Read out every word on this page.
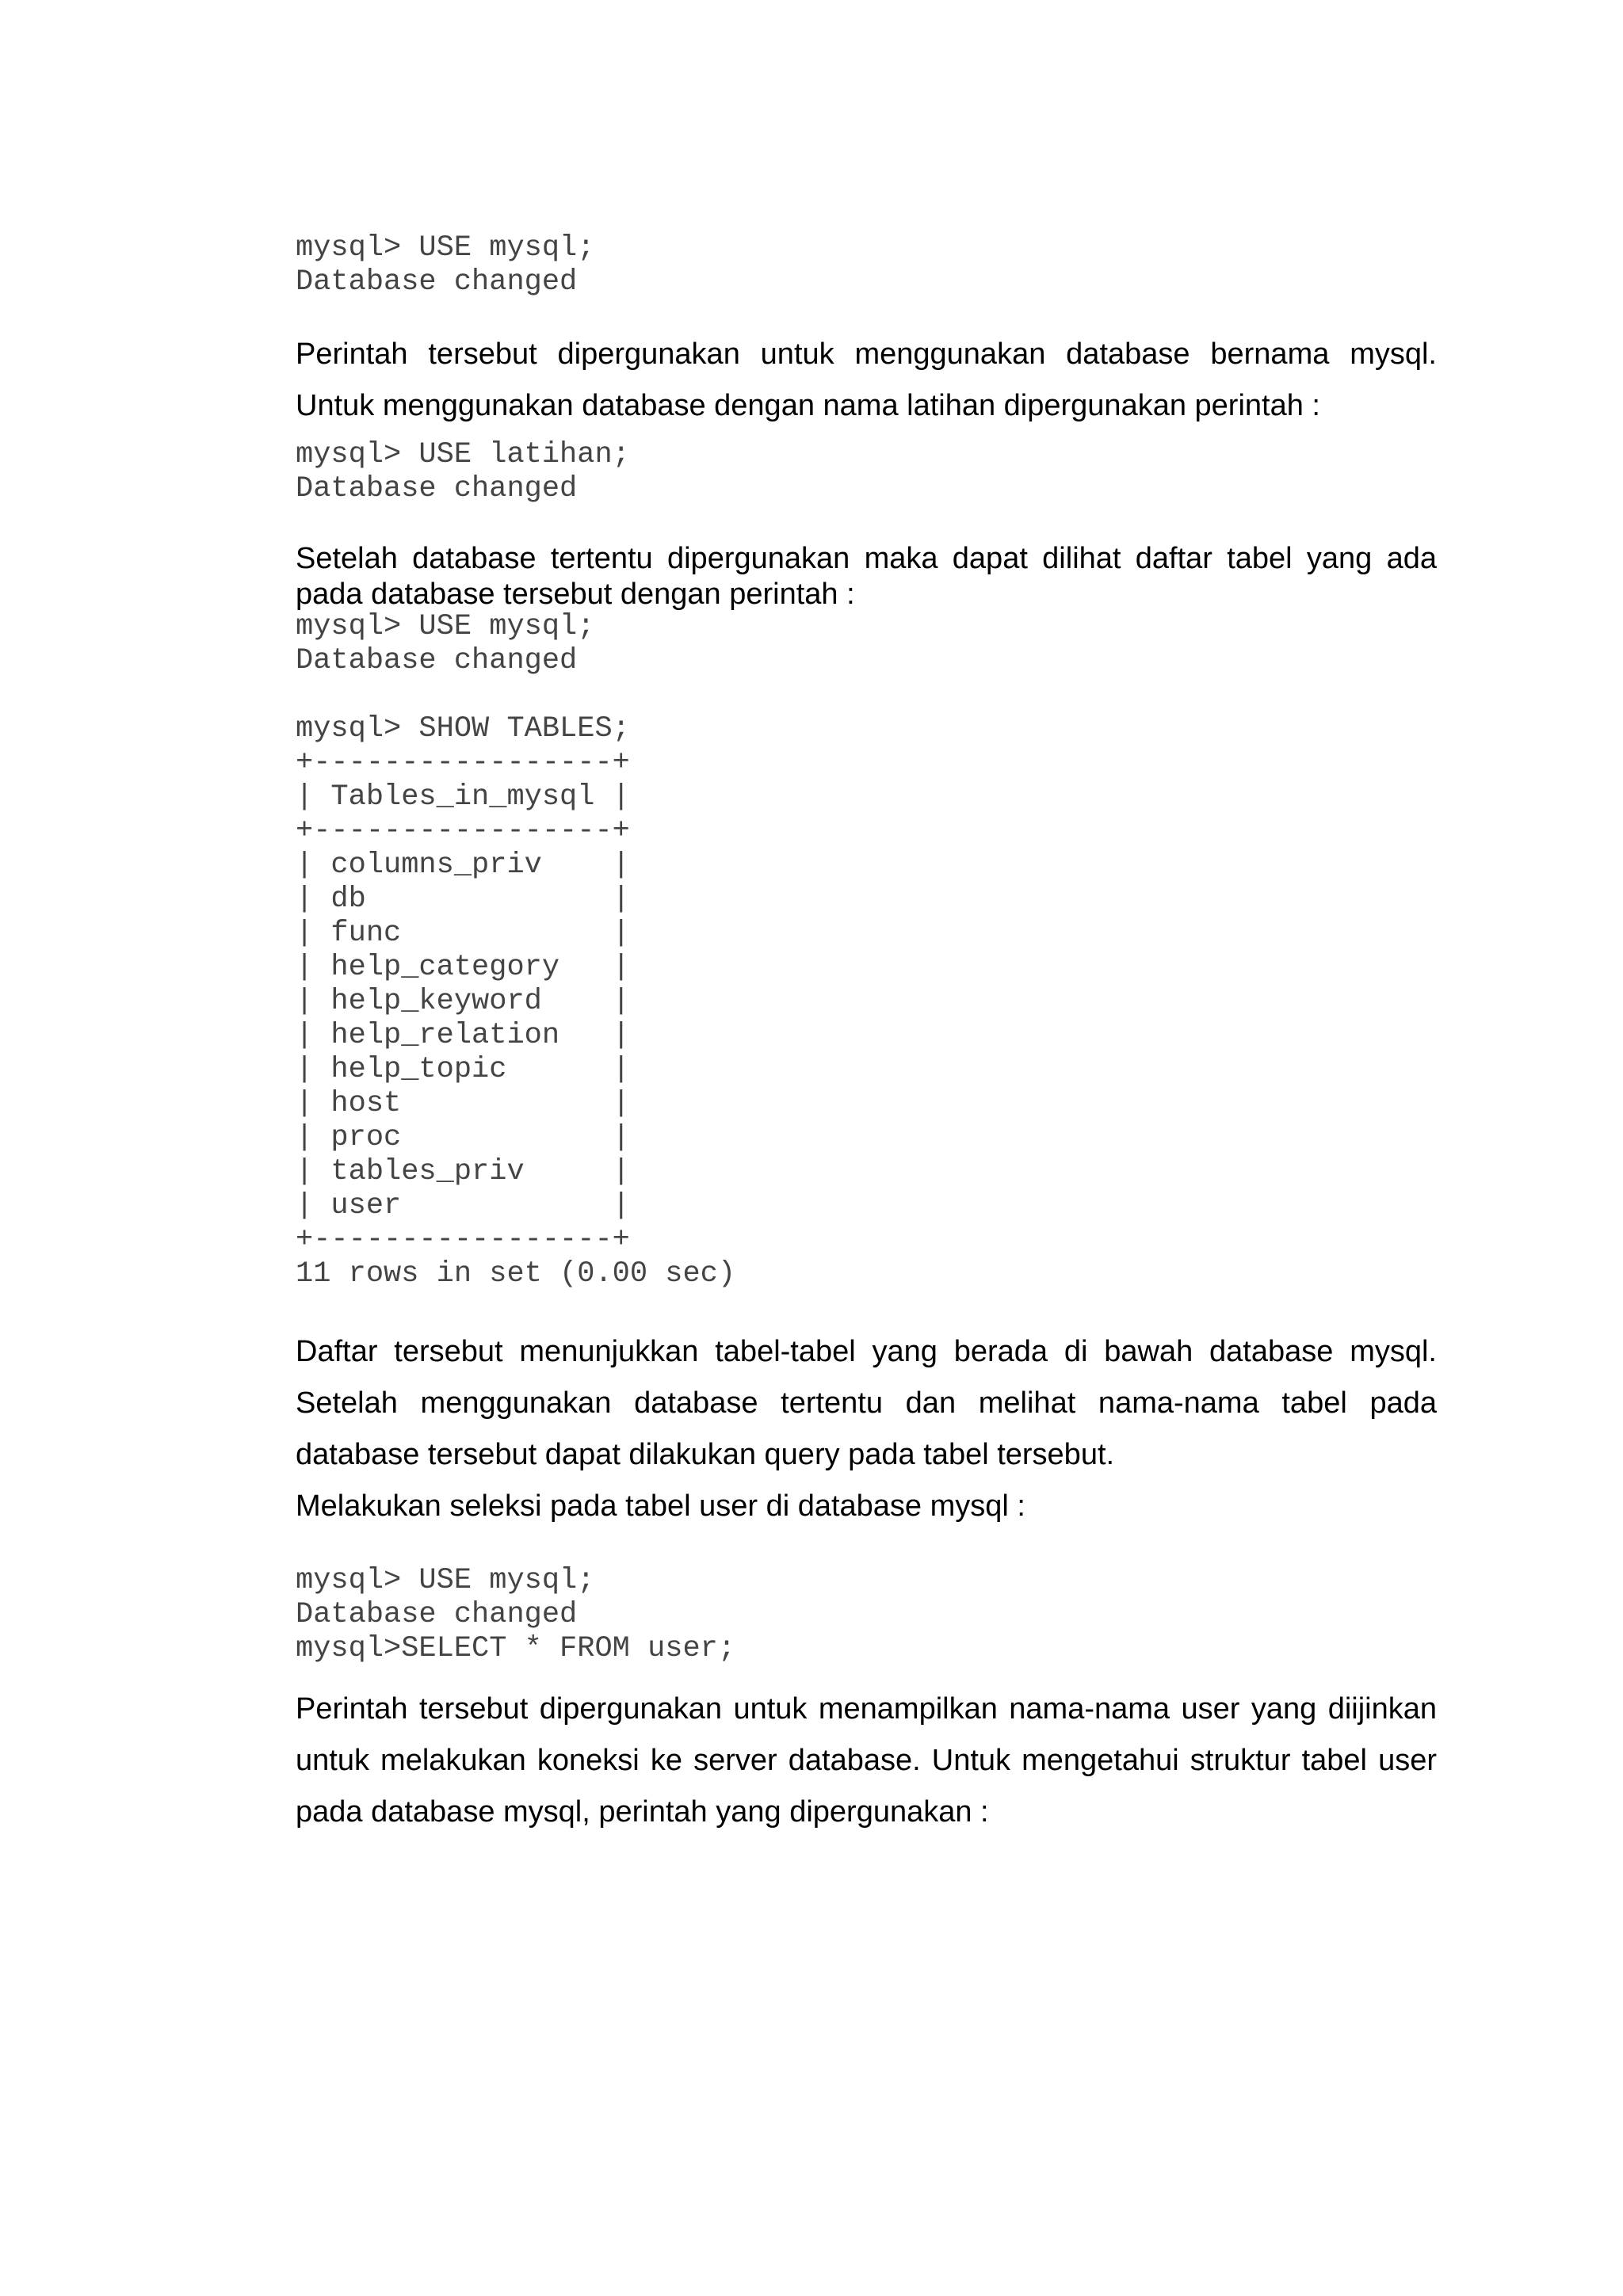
mysql> USE mysql;
Database changed

Perintah tersebut dipergunakan untuk menggunakan database bernama mysql. Untuk menggunakan database dengan nama latihan dipergunakan perintah :

mysql> USE latihan;
Database changed

Setelah database tertentu dipergunakan maka dapat dilihat daftar tabel yang ada pada database tersebut dengan perintah :

mysql> USE mysql;
Database changed

mysql> SHOW TABLES;
+-----------------+
| Tables_in_mysql |
+-----------------+
| columns_priv    |
| db              |
| func            |
| help_category   |
| help_keyword    |
| help_relation   |
| help_topic      |
| host            |
| proc            |
| tables_priv     |
| user            |
+-----------------+
11 rows in set (0.00 sec)

Daftar tersebut menunjukkan tabel-tabel yang berada di bawah database mysql. Setelah menggunakan database tertentu dan melihat nama-nama tabel pada database tersebut dapat dilakukan query pada tabel tersebut.

Melakukan seleksi pada tabel user di database mysql :

mysql> USE mysql;
Database changed
mysql>SELECT * FROM user;

Perintah tersebut dipergunakan untuk menampilkan nama-nama user yang diijinkan untuk melakukan koneksi ke server database. Untuk mengetahui struktur tabel user pada database mysql, perintah yang dipergunakan :
